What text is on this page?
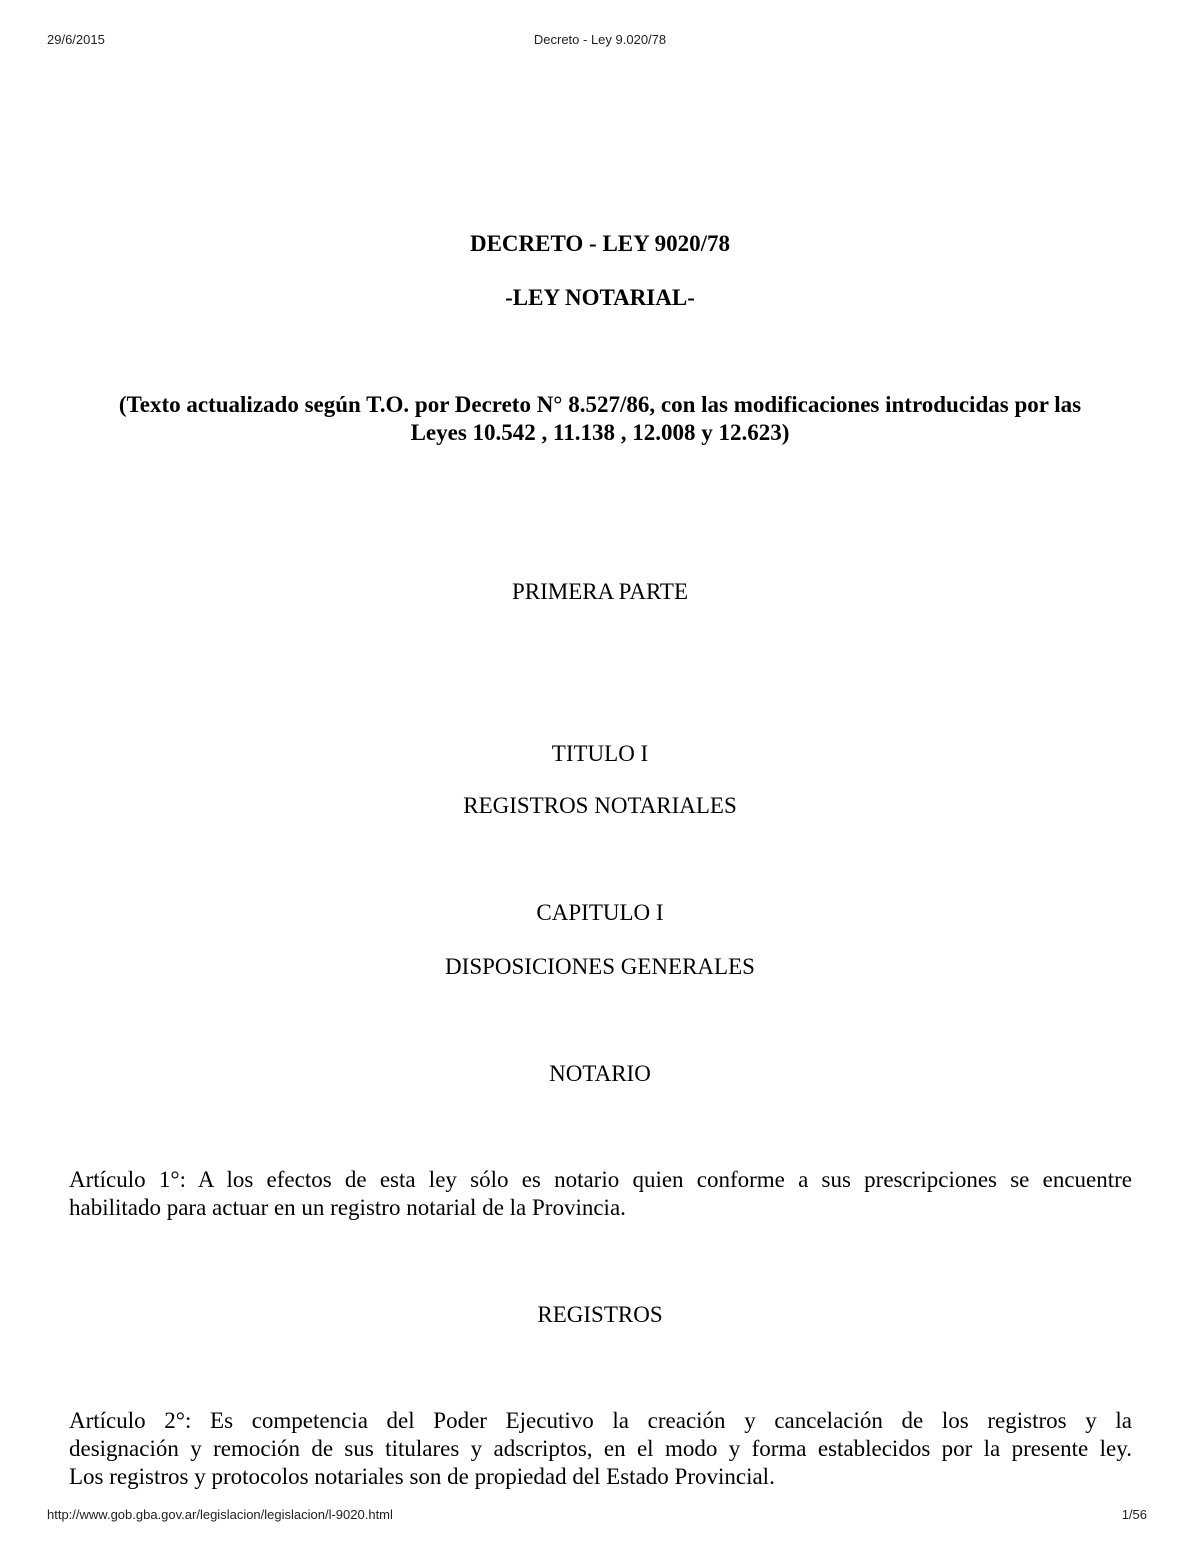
29/6/2015	Decreto - Ley 9.020/78
DECRETO - LEY 9020/78
-LEY NOTARIAL-
(Texto actualizado según T.O. por Decreto N° 8.527/86, con las modificaciones introducidas por las
Leyes 10.542 , 11.138 , 12.008 y 12.623)
PRIMERA PARTE
TITULO I
REGISTROS NOTARIALES
CAPITULO I
DISPOSICIONES GENERALES
NOTARIO
Artículo 1°: A los efectos de esta ley sólo es notario quien conforme a sus prescripciones se encuentre
habilitado para actuar en un registro notarial de la Provincia.
REGISTROS
Artículo 2°: Es competencia del Poder Ejecutivo la creación y cancelación de los registros y la
designación y remoción de sus titulares y adscriptos, en el modo y forma establecidos por la presente ley.
Los registros y protocolos notariales son de propiedad del Estado Provincial.
http://www.gob.gba.gov.ar/legislacion/legislacion/l-9020.html	1/56
